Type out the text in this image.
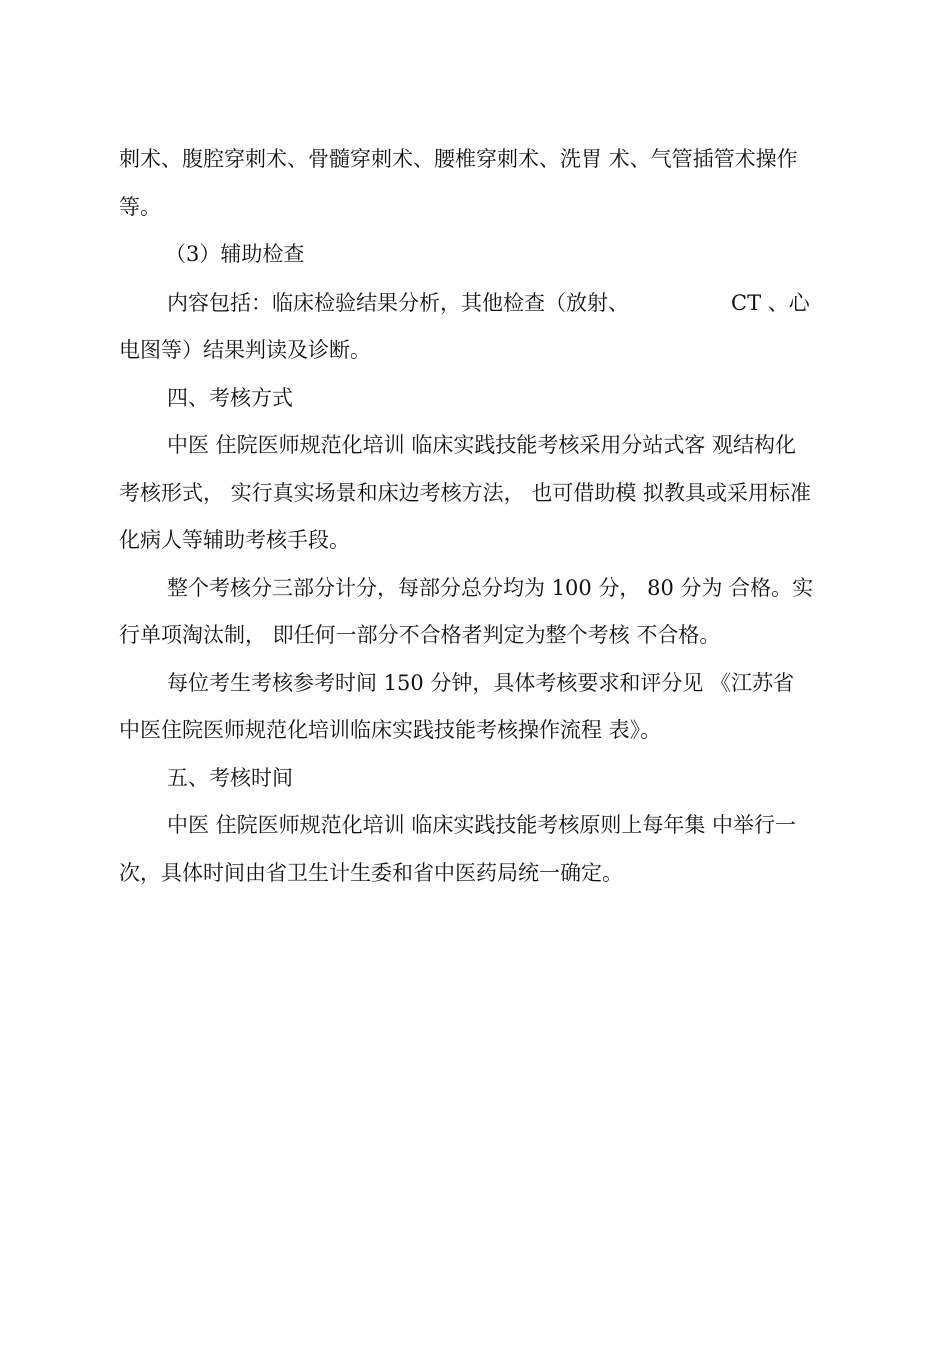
刺术、腹腔穿刺术、骨髓穿刺术、腰椎穿刺术、洗胃 术、气管插管术操作
等。
（3）辅助检查
内容包括：临床检验结果分析，其他检查（放射、	CT 、心
电图等）结果判读及诊断。
四、考核方式
中医 住院医师规范化培训 临床实践技能考核采用分站式客 观结构化
考核形式， 实行真实场景和床边考核方法， 也可借助模 拟教具或采用标准
化病人等辅助考核手段。
整个考核分三部分计分，每部分总分均为 100 分， 80 分为 合格。实
行单项淘汰制， 即任何一部分不合格者判定为整个考核 不合格。
每位考生考核参考时间 150 分钟，具体考核要求和评分见 《江苏省
中医住院医师规范化培训临床实践技能考核操作流程 表》。
五、考核时间
中医 住院医师规范化培训 临床实践技能考核原则上每年集 中举行一
次，具体时间由省卫生计生委和省中医药局统一确定。
